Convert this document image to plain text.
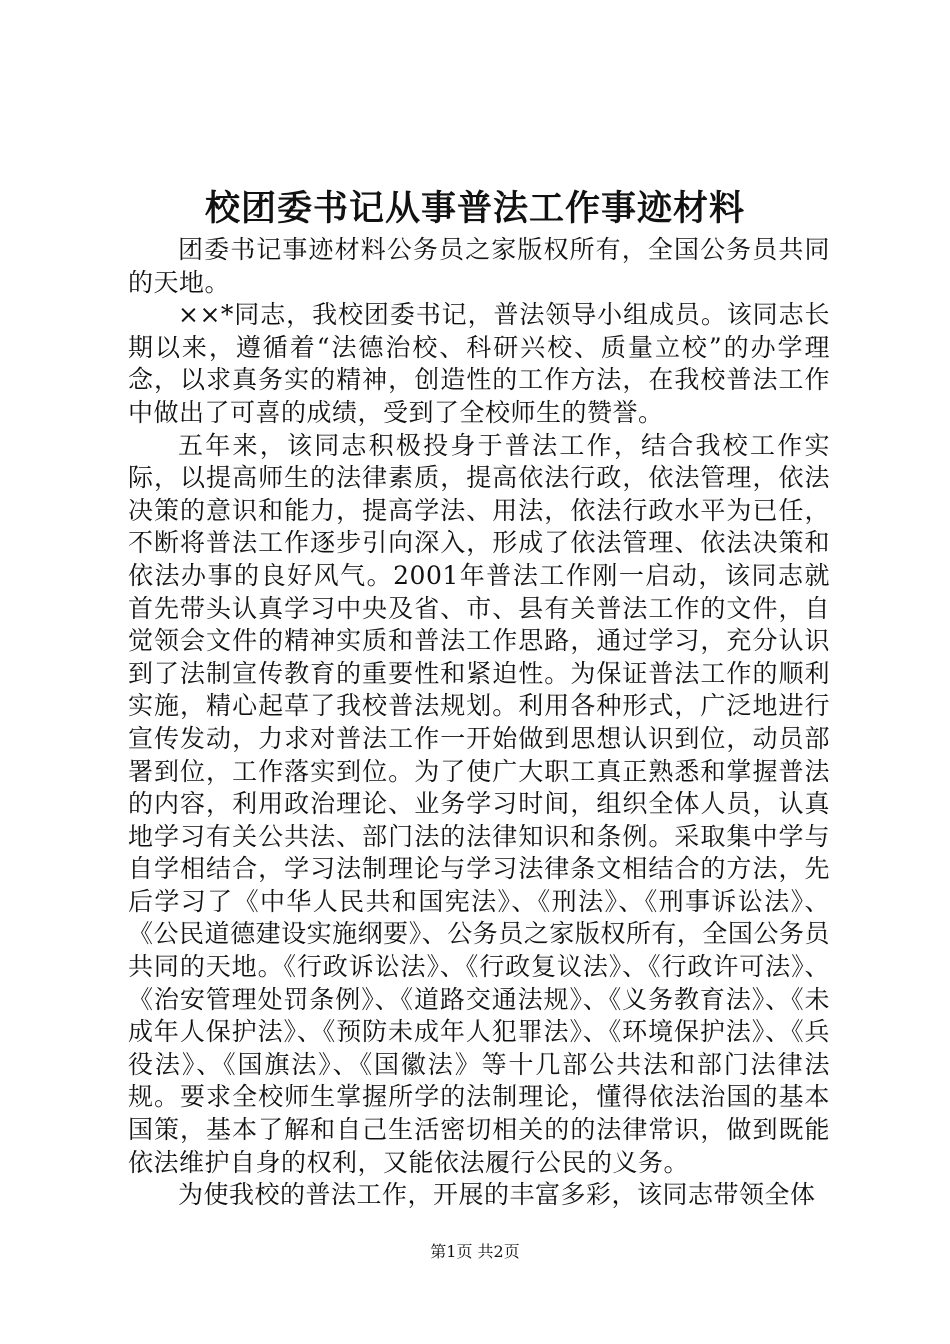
校团委书记从事普法工作事迹材料

团委书记事迹材料公务员之家版权所有，全国公务员共同的天地。

××*同志，我校团委书记，普法领导小组成员。该同志长期以来，遵循着“法德治校、科研兴校、质量立校”的办学理念，以求真务实的精神，创造性的工作方法，在我校普法工作中做出了可喜的成绩，受到了全校师生的赞誉。

五年来，该同志积极投身于普法工作，结合我校工作实际，以提高师生的法律素质，提高依法行政，依法管理，依法决策的意识和能力，提高学法、用法，依法行政水平为已任，不断将普法工作逐步引向深入，形成了依法管理、依法决策和依法办事的良好风气。2001年普法工作刚一启动，该同志就首先带头认真学习中央及省、市、县有关普法工作的文件，自觉领会文件的精神实质和普法工作思路，通过学习，充分认识到了法制宣传教育的重要性和紧迫性。为保证普法工作的顺利实施，精心起草了我校普法规划。利用各种形式，广泛地进行宣传发动，力求对普法工作一开始做到思想认识到位，动员部署到位，工作落实到位。为了使广大职工真正熟悉和掌握普法的内容，利用政治理论、业务学习时间，组织全体人员，认真地学习有关公共法、部门法的法律知识和条例。采取集中学与自学相结合，学习法制理论与学习法律条文相结合的方法，先后学习了《中华人民共和国宪法》、《刑法》、《刑事诉讼法》、《公民道德建设实施纲要》、公务员之家版权所有，全国公务员共同的天地。《行政诉讼法》、《行政复议法》、《行政许可法》、《治安管理处罚条例》、《道路交通法规》、《义务教育法》、《未成年人保护法》、《预防未成年人犯罪法》、《环境保护法》、《兵役法》、《国旗法》、《国徽法》等十几部公共法和部门法律法规。要求全校师生掌握所学的法制理论，懂得依法治国的基本国策，基本了解和自己生活密切相关的的法律常识，做到既能依法维护自身的权利，又能依法履行公民的义务。

为使我校的普法工作，开展的丰富多彩，该同志带领全体

第1页 共2页
